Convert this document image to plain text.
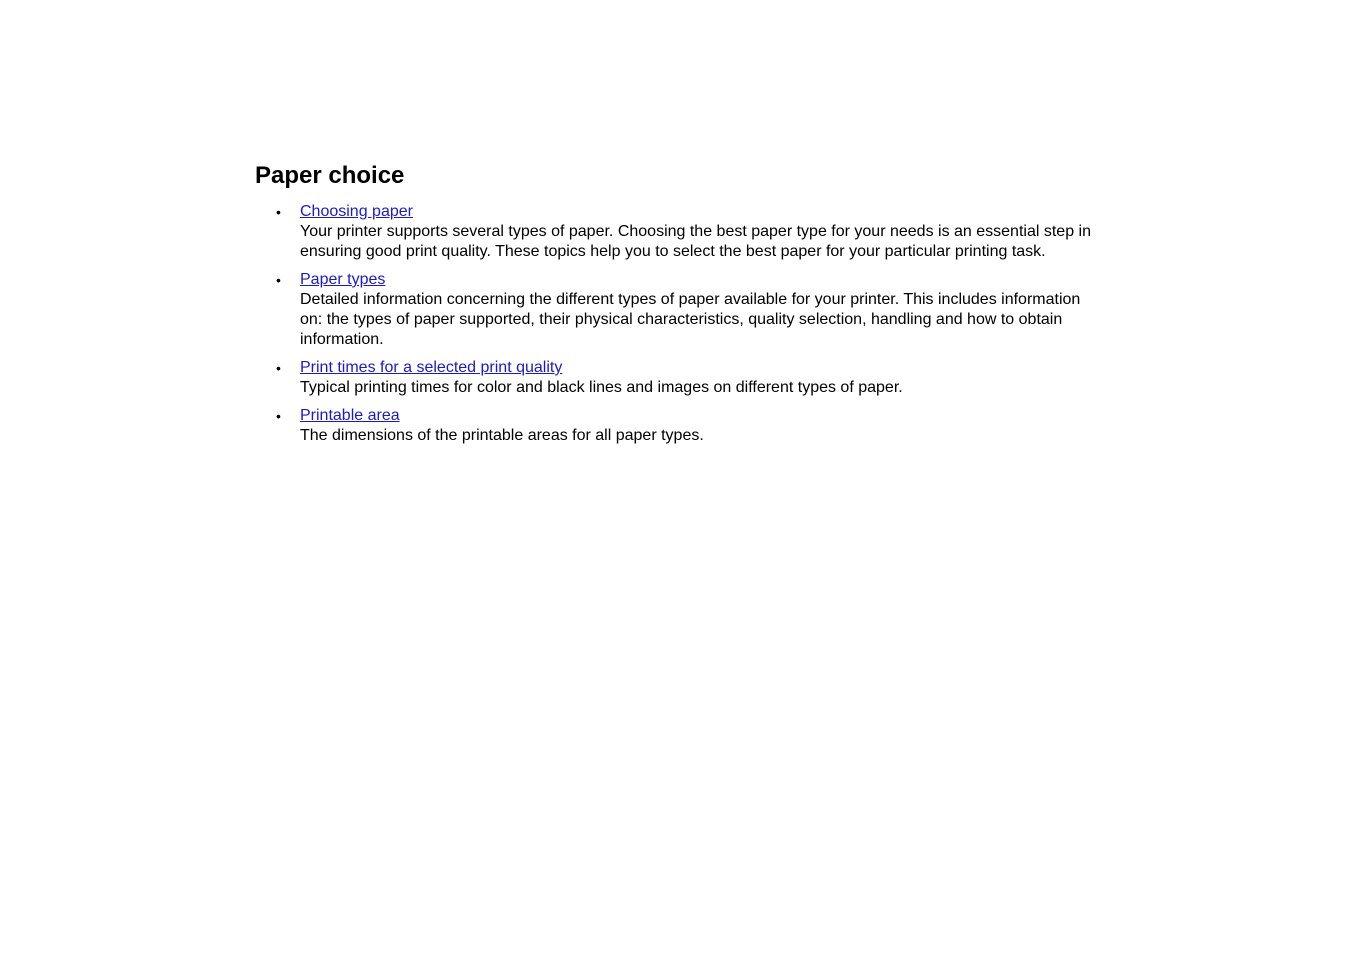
Paper choice
• Choosing paper
Your printer supports several types of paper. Choosing the best paper type for your needs is an essential step in ensuring good print quality. These topics help you to select the best paper for your particular printing task.
• Paper types
Detailed information concerning the different types of paper available for your printer. This includes information on: the types of paper supported, their physical characteristics, quality selection, handling and how to obtain information.
• Print times for a selected print quality
Typical printing times for color and black lines and images on different types of paper.
• Printable area
The dimensions of the printable areas for all paper types.
